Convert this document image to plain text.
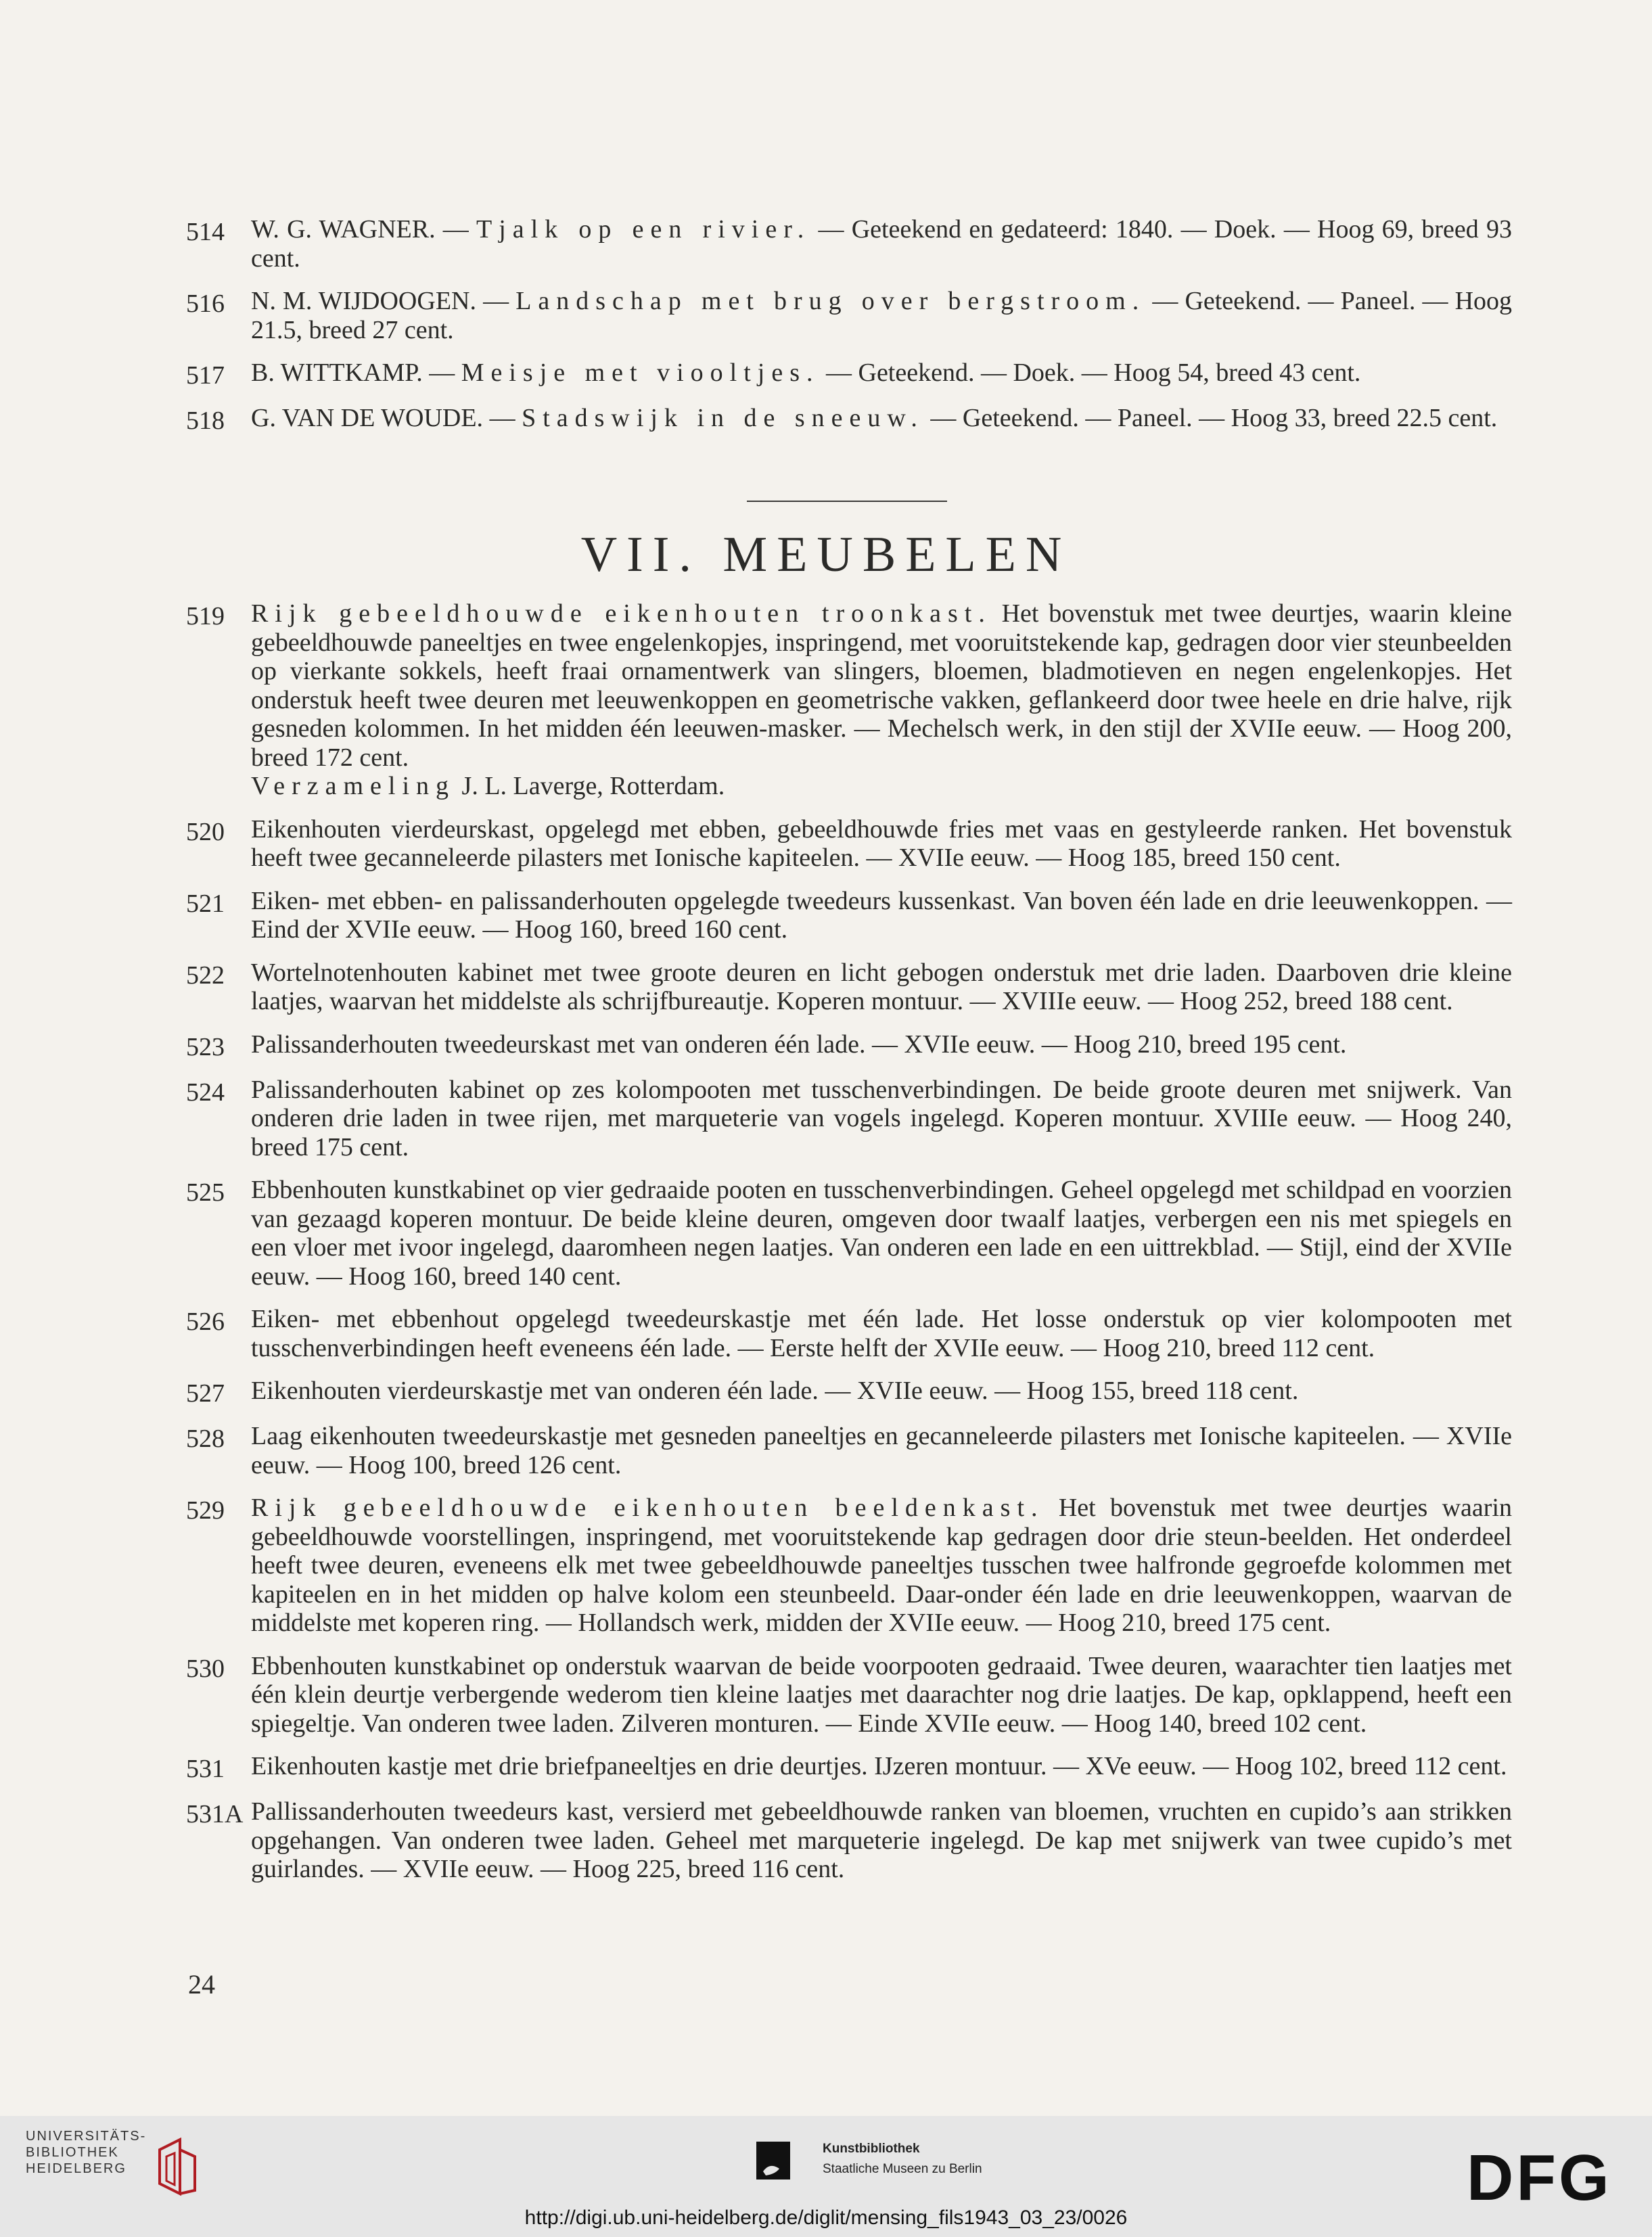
514	W. G. WAGNER. — Tjalk op een rivier. — Geteekend en gedateerd: 1840. — Doek. — Hoog 69, breed 93 cent.
516	N. M. WIJDOOGEN. — Landschap met brug over bergstroom. — Geteekend. — Paneel. — Hoog 21.5, breed 27 cent.
517	B. WITTKAMP. — Meisje met viooltjes. — Geteekend. — Doek. — Hoog 54, breed 43 cent.
518	G. VAN DE WOUDE. — Stadswijk in de sneeuw. — Geteekend. — Paneel. — Hoog 33, breed 22.5 cent.
VII. MEUBELEN
519	Rijk gebeeldhouwde eikenhouten troonkast. Het bovenstuk met twee deurtjes, waarin kleine gebeeldhouwde paneeltjes en twee engelenkopjes, inspringend, met vooruitstekende kap, gedragen door vier steunbeelden op vierkante sokkels, heeft fraai ornamentwerk van slingers, bloemen, bladmotieven en negen engelenkopjes. Het onderstuk heeft twee deuren met leeuwenkoppen en geometrische vakken, geflankeerd door twee heele en drie halve, rijk gesneden kolommen. In het midden één leeuwen-masker. — Mechelsch werk, in den stijl der XVIIe eeuw. — Hoog 200, breed 172 cent.
Verzameling J. L. Laverge, Rotterdam.
520	Eikenhouten vierdeurskast, opgelegd met ebben, gebeeldhouwde fries met vaas en gestyleerde ranken. Het bovenstuk heeft twee gecanneleerde pilasters met Ionische kapiteelen. — XVIIe eeuw. — Hoog 185, breed 150 cent.
521	Eiken- met ebben- en palissanderhouten opgelegde tweedeurs kussenkast. Van boven één lade en drie leeuwenkoppen. — Eind der XVIIe eeuw. — Hoog 160, breed 160 cent.
522	Wortelnotenhouten kabinet met twee groote deuren en licht gebogen onderstuk met drie laden. Daarboven drie kleine laatjes, waarvan het middelste als schrijfbureautje. Koperen montuur. — XVIIIe eeuw. — Hoog 252, breed 188 cent.
523	Palissanderhouten tweedeurskast met van onderen één lade. — XVIIe eeuw. — Hoog 210, breed 195 cent.
524	Palissanderhouten kabinet op zes kolompooten met tusschenverbindingen. De beide groote deuren met snijwerk. Van onderen drie laden in twee rijen, met marqueterie van vogels ingelegd. Koperen montuur. XVIIIe eeuw. — Hoog 240, breed 175 cent.
525	Ebbenhouten kunstkabinet op vier gedraaide pooten en tusschenverbindingen. Geheel opgelegd met schildpad en voorzien van gezaagd koperen montuur. De beide kleine deuren, omgeven door twaalf laatjes, verbergen een nis met spiegels en een vloer met ivoor ingelegd, daaromheen negen laatjes. Van onderen een lade en een uittrekblad. — Stijl, eind der XVIIe eeuw. — Hoog 160, breed 140 cent.
526	Eiken- met ebbenhout opgelegd tweedeurskastje met één lade. Het losse onderstuk op vier kolompooten met tusschenverbindingen heeft eveneens één lade. — Eerste helft der XVIIe eeuw. — Hoog 210, breed 112 cent.
527	Eikenhouten vierdeurskastje met van onderen één lade. — XVIIe eeuw. — Hoog 155, breed 118 cent.
528	Laag eikenhouten tweedeurskastje met gesneden paneeltjes en gecanneleerde pilasters met Ionische kapiteelen. — XVIIe eeuw. — Hoog 100, breed 126 cent.
529	Rijk gebeeldhouwde eikenhouten beeldenkast. Het bovenstuk met twee deurtjes waarin gebeeldhouwde voorstellingen, inspringend, met vooruitstekende kap gedragen door drie steun-beelden. Het onderdeel heeft twee deuren, eveneens elk met twee gebeeldhouwde paneeltjes tusschen twee halfronde gegroefde kolommen met kapiteelen en in het midden op halve kolom een steunbeeld. Daar-onder één lade en drie leeuwenkoppen, waarvan de middelste met koperen ring. — Hollandsch werk, midden der XVIIe eeuw. — Hoog 210, breed 175 cent.
530	Ebbenhouten kunstkabinet op onderstuk waarvan de beide voorpooten gedraaid. Twee deuren, waarachter tien laatjes met één klein deurtje verbergende wederom tien kleine laatjes met daarachter nog drie laatjes. De kap, opklappend, heeft een spiegeltje. Van onderen twee laden. Zilveren monturen. — Einde XVIIe eeuw. — Hoog 140, breed 102 cent.
531	Eikenhouten kastje met drie briefpaneeltjes en drie deurtjes. IJzeren montuur. — XVe eeuw. — Hoog 102, breed 112 cent.
531A Pallissanderhouten tweedeurs kast, versierd met gebeeldhouwde ranken van bloemen, vruchten en cupido’s aan strikken opgehangen. Van onderen twee laden. Geheel met marqueterie ingelegd. De kap met snijwerk van twee cupido’s met guirlandes. — XVIIe eeuw. — Hoog 225, breed 116 cent.
24
UNIVERSITÄTS-
BIBLIOTHEK
HEIDELBERG
Kunstbibliothek
Staatliche Museen zu Berlin	DFG
http://digi.ub.uni-heidelberg.de/diglit/mensing_fils1943_03_23/0026
